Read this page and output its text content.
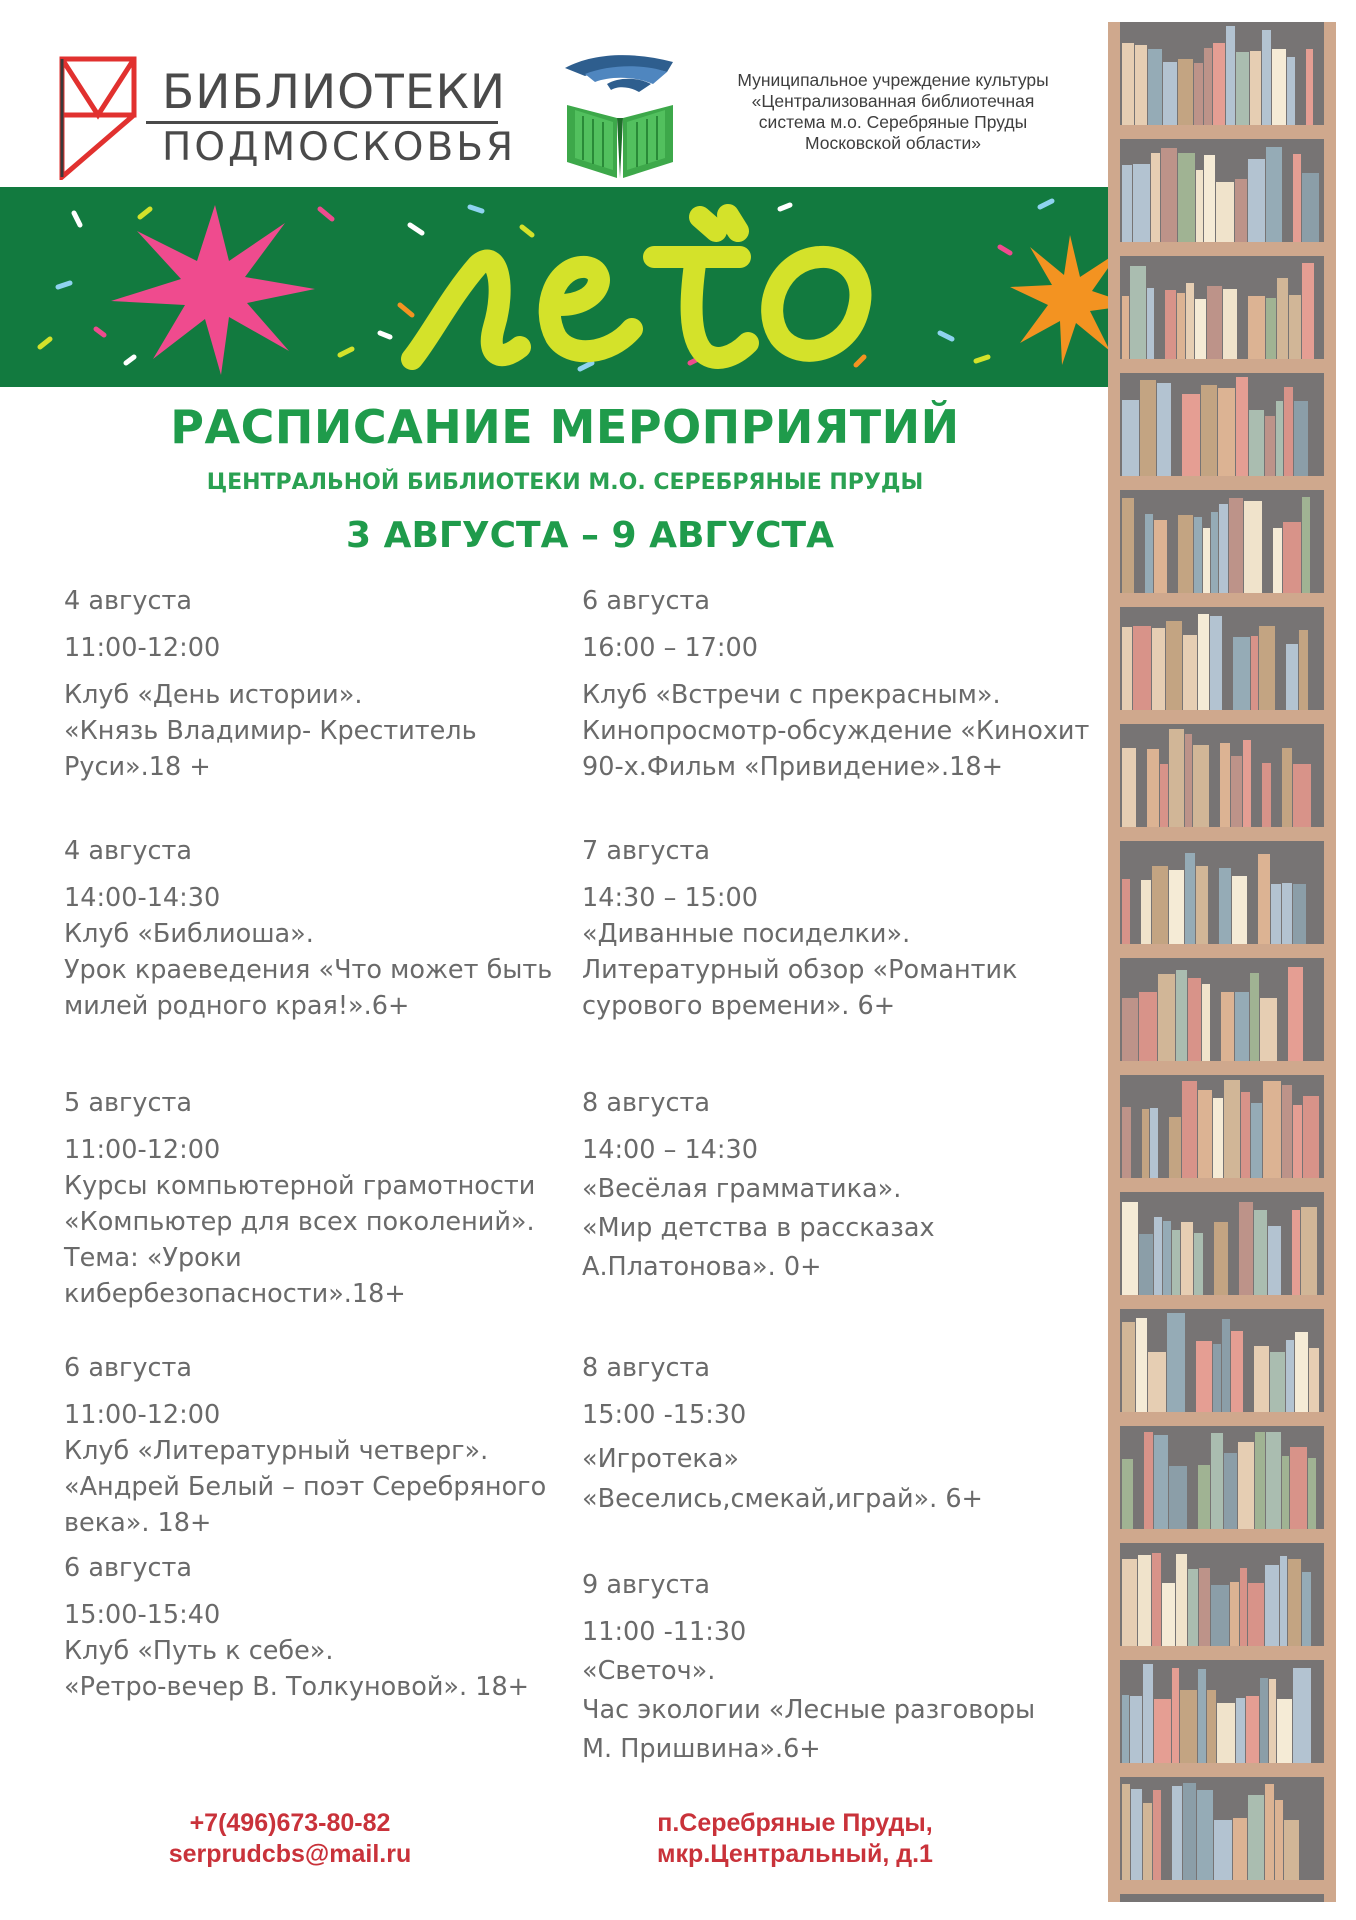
БИБЛИОТЕКИ
ПОДМОСКОВЬЯ
Муниципальное учреждение культуры
«Централизованная библиотечная
система м.о. Серебряные Пруды
Московской области»
РАСПИСАНИЕ МЕРОПРИЯТИЙ
ЦЕНТРАЛЬНОЙ БИБЛИОТЕКИ М.О. СЕРЕБРЯНЫЕ ПРУДЫ
3 АВГУСТА – 9 АВГУСТА
4 августа
11:00-12:00
Клуб «День истории».
«Князь Владимир- Креститель
Руси».18 +
4 августа
14:00-14:30
Клуб «Библиоша».
Урок краеведения «Что может быть
милей родного края!».6+
5 августа
11:00-12:00
Курсы компьютерной грамотности
«Компьютер для всех поколений».
Тема: «Уроки
кибербезопасности».18+
6 августа
11:00-12:00
Клуб «Литературный четверг».
«Андрей Белый – поэт Серебряного
века». 18+
6 августа
15:00-15:40
Клуб «Путь к себе».
«Ретро-вечер В. Толкуновой». 18+
6 августа
16:00 – 17:00
Клуб «Встречи с прекрасным».
Кинопросмотр-обсуждение «Кинохит
90-х.Фильм «Привидение».18+
7 августа
14:30 – 15:00
«Диванные посиделки».
Литературный обзор «Романтик
сурового времени». 6+
8 августа
14:00 – 14:30
«Весёлая грамматика».
«Мир детства в рассказах
А.Платонова». 0+
8 августа
15:00 -15:30
«Игротека»
«Веселись,смекай,играй». 6+
9 августа
11:00 -11:30
«Светоч».
Час экологии «Лесные разговоры
М. Пришвина».6+
+7(496)673-80-82
serprudcbs@mail.ru
п.Серебряные Пруды,
мкр.Центральный, д.1
